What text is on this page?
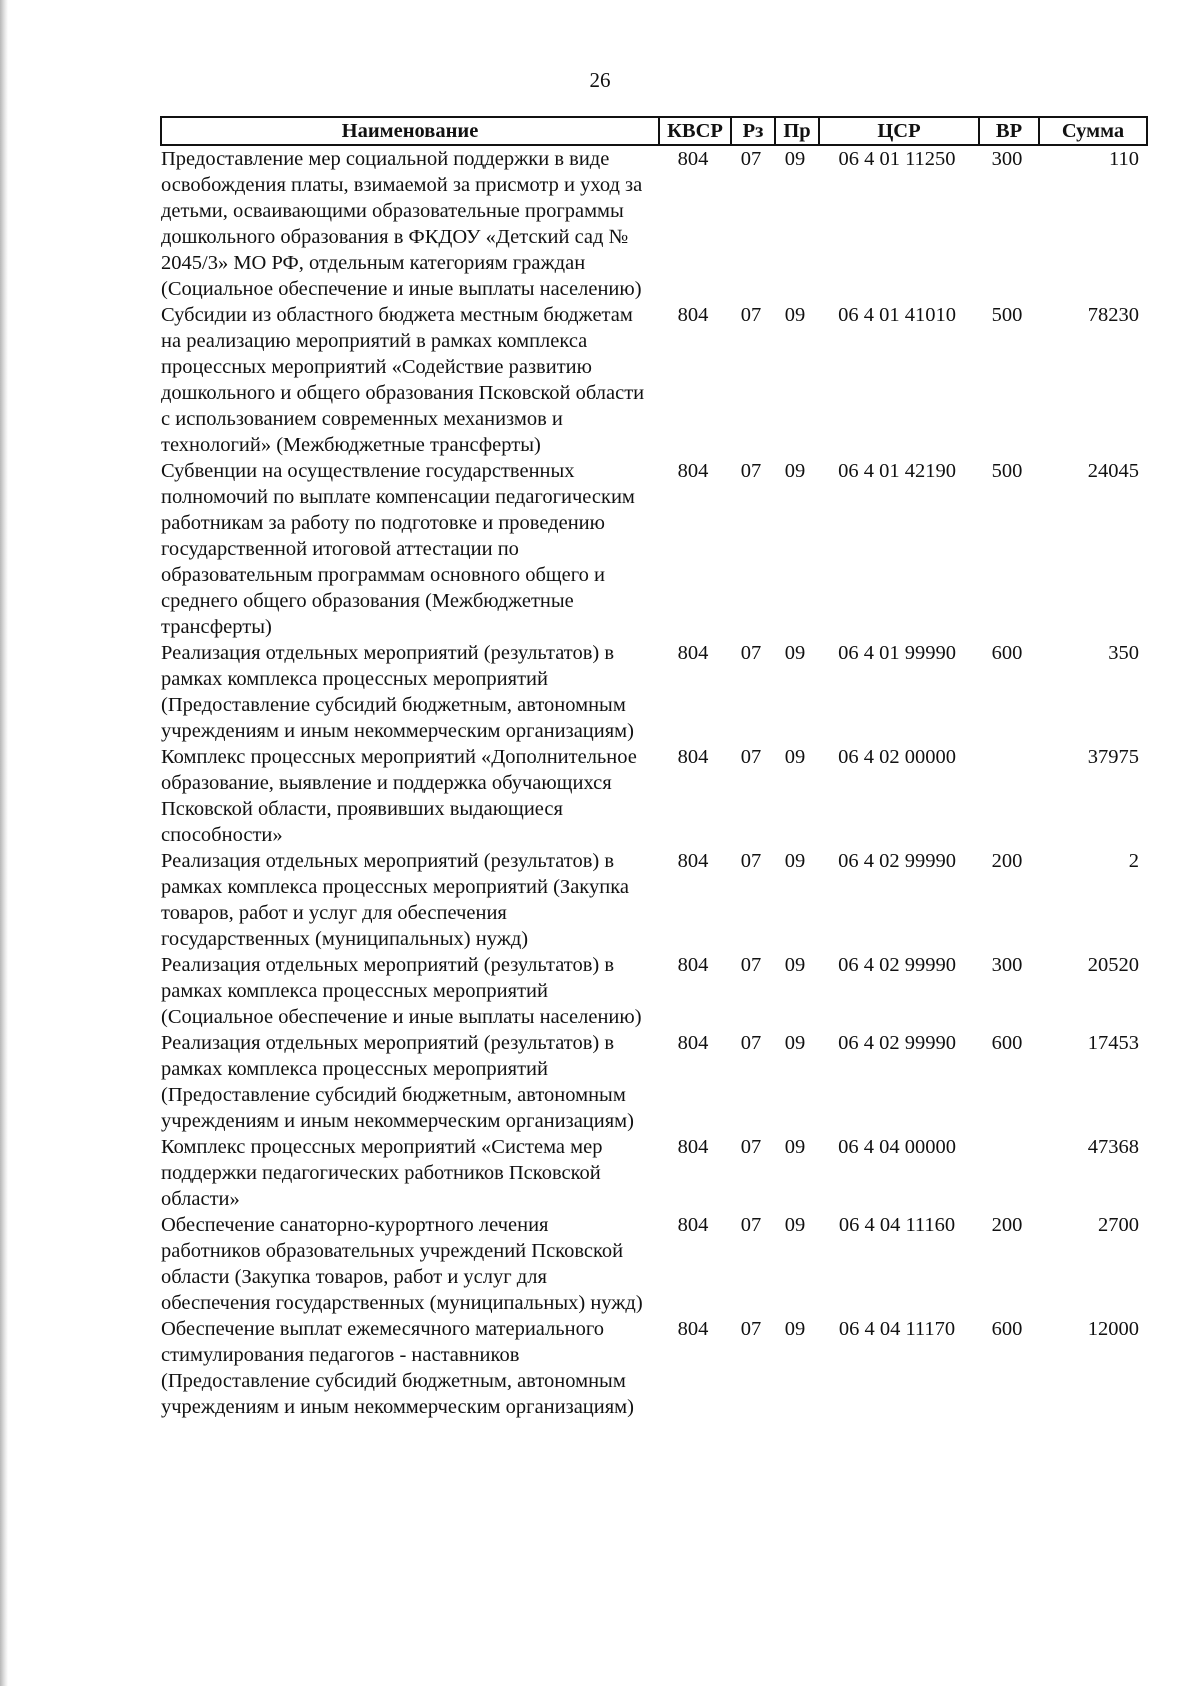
26
Наименование	КВСР	Рз	Пр	ЦСР	ВР	Сумма
Предоставление мер социальной поддержки в виде освобождения платы, взимаемой за присмотр и уход за детьми, осваивающими образовательные программы дошкольного образования в ФКДОУ «Детский сад № 2045/3» МО РФ, отдельным категориям граждан (Социальное обеспечение и иные выплаты населению)	804	07	09	06 4 01 11250	300	110
Субсидии из областного бюджета местным бюджетам на реализацию мероприятий в рамках комплекса процессных мероприятий «Содействие развитию дошкольного и общего образования Псковской области с использованием современных механизмов и технологий» (Межбюджетные трансферты)	804	07	09	06 4 01 41010	500	78230
Субвенции на осуществление государственных полномочий по выплате компенсации педагогическим работникам за работу по подготовке и проведению государственной итоговой аттестации по образовательным программам основного общего и среднего общего образования (Межбюджетные трансферты)	804	07	09	06 4 01 42190	500	24045
Реализация отдельных мероприятий (результатов) в рамках комплекса процессных мероприятий (Предоставление субсидий бюджетным, автономным учреждениям и иным некоммерческим организациям)	804	07	09	06 4 01 99990	600	350
Комплекс процессных мероприятий «Дополнительное образование, выявление и поддержка обучающихся Псковской области, проявивших выдающиеся способности»	804	07	09	06 4 02 00000		37975
Реализация отдельных мероприятий (результатов) в рамках комплекса процессных мероприятий (Закупка товаров, работ и услуг для обеспечения государственных (муниципальных) нужд)	804	07	09	06 4 02 99990	200	2
Реализация отдельных мероприятий (результатов) в рамках комплекса процессных мероприятий (Социальное обеспечение и иные выплаты населению)	804	07	09	06 4 02 99990	300	20520
Реализация отдельных мероприятий (результатов) в рамках комплекса процессных мероприятий (Предоставление субсидий бюджетным, автономным учреждениям и иным некоммерческим организациям)	804	07	09	06 4 02 99990	600	17453
Комплекс процессных мероприятий «Система мер поддержки педагогических работников Псковской области»	804	07	09	06 4 04 00000		47368
Обеспечение санаторно-курортного лечения работников образовательных учреждений Псковской области (Закупка товаров, работ и услуг для обеспечения государственных (муниципальных) нужд)	804	07	09	06 4 04 11160	200	2700
Обеспечение выплат ежемесячного материального стимулирования педагогов - наставников (Предоставление субсидий бюджетным, автономным учреждениям и иным некоммерческим организациям)	804	07	09	06 4 04 11170	600	12000
